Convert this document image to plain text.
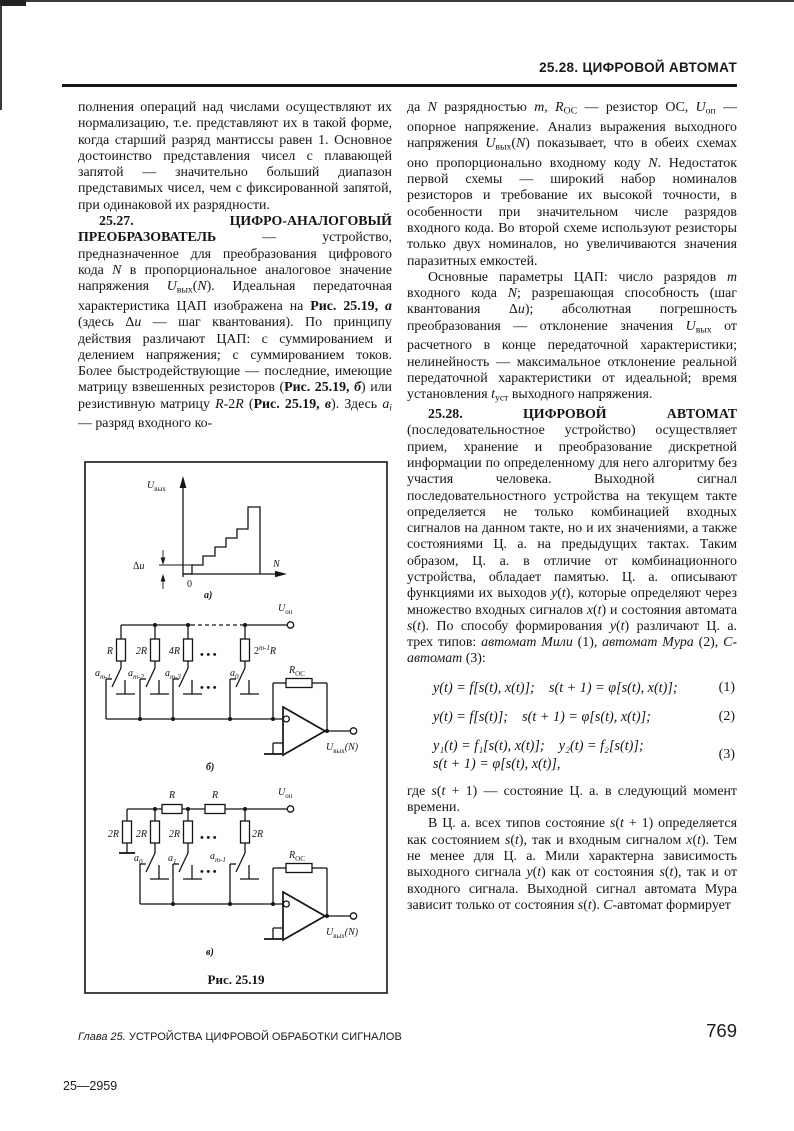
25.28. ЦИФРОВОЙ АВТОМАТ

полнения операций над числами осуществляют их нормализацию, т.е. представляют их в такой форме, когда старший разряд мантиссы равен 1. Основное достоинство представления чисел с плавающей запятой — значительно больший диапазон представимых чисел, чем с фиксированной запятой, при одинаковой их разрядности.

25.27. ЦИФРО-АНАЛОГОВЫЙ ПРЕОБРАЗОВАТЕЛЬ — устройство, предназначенное для преобразования цифрового кода N в пропорциональное аналоговое значение напряжения Uвых(N). Идеальная передаточная характеристика ЦАП изображена на Рис. 25.19, а (здесь Δu — шаг квантования). По принципу действия различают ЦАП: с суммированием и делением напряжения; с суммированием токов. Более быстродействующие — последние, имеющие матрицу взвешенных резисторов (Рис. 25.19, б) или резистивную матрицу R-2R (Рис. 25.19, в). Здесь ai — разряд входного ко-

$U_{вых}$
N
0
Δu
а)
$U_{оп}$
R 2R 4R	2$^{m-1}$R
•••
•••
$a_{m-1}$ $a_{m-2}$ $a_{m-3}$	$a_0$
$R_{ОС}$
$U_{вых}(N)$
б)
$U_{оп}$
R	R
2R 2R 2R	2R
•••
•••
$a_0$	$a_1$	$a_{m-1}$	$R_{ОС}$
$U_{вых}(N)$
в)
Рис. 25.19

да N разрядностью m, RОС — резистор ОС, Uоп — опорное напряжение. Анализ выражения выходного напряжения Uвых(N) показывает, что в обеих схемах оно пропорционально входному коду N. Недостаток первой схемы — широкий набор номиналов резисторов и требование их высокой точности, в особенности при значительном числе разрядов входного кода. Во второй схеме используют резисторы только двух номиналов, но увеличиваются значения паразитных емкостей.

Основные параметры ЦАП: число разрядов m входного кода N; разрешающая способность (шаг квантования Δu); абсолютная погрешность преобразования — отклонение значения Uвых от расчетного в конце передаточной характеристики; нелинейность — максимальное отклонение реальной передаточной характеристики от идеальной; время установления tуст выходного напряжения.

25.28. ЦИФРОВОЙ АВТОМАТ (последовательностное устройство) осуществляет прием, хранение и преобразование дискретной информации по определенному для него алгоритму без участия человека. Выходной сигнал последовательностного устройства на текущем такте определяется не только комбинацией входных сигналов на данном такте, но и их значениями, а также состояниями Ц. а. на предыдущих тактах. Таким образом, Ц. а. в отличие от комбинационного устройства, обладает памятью. Ц. а. описывают функциями их выходов y(t), которые определяют через множество входных сигналов x(t) и состояния автомата s(t). По способу формирования y(t) различают Ц. а. трех типов: автомат Мили (1), автомат Мура (2), С-автомат (3):

y(t) = f[s(t), x(t)];    s(t + 1) = φ[s(t), x(t)];	(1)
y(t) = f[s(t)];    s(t + 1) = φ[s(t), x(t)];	(2)
y₁(t) = f₁[s(t), x(t)];    y₂(t) = f₂[s(t)];
s(t + 1) = φ[s(t), x(t)],
(3)

где s(t + 1) — состояние Ц. а. в следующий момент времени.

В Ц. а. всех типов состояние s(t + 1) определяется как состоянием s(t), так и входным сигналом x(t). Тем не менее для Ц. а. Мили характерна зависимость выходного сигнала y(t) как от состояния s(t), так и от входного сигнала. Выходной сигнал автомата Мура зависит только от состояния s(t). С-автомат формирует

Глава 25. УСТРОЙСТВА ЦИФРОВОЙ ОБРАБОТКИ СИГНАЛОВ	769
25—2959
